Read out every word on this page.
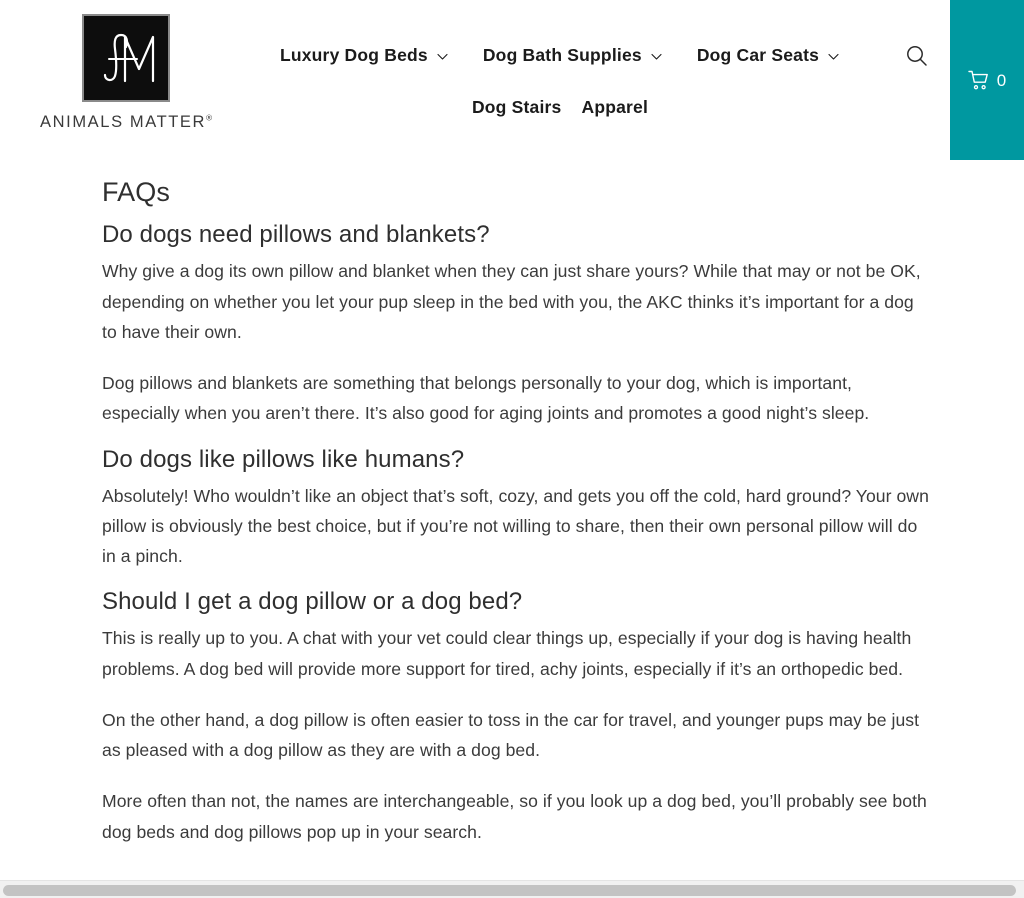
ANIMALS MATTER®
Luxury Dog Beds	Dog Bath Supplies	Dog Car Seats
Dog Stairs Apparel
0
FAQs
Do dogs need pillows and blankets?

Why give a dog its own pillow and blanket when they can just share yours? While that may or not be OK, depending on whether you let your pup sleep in the bed with you, the AKC thinks it’s important for a dog to have their own.

Dog pillows and blankets are something that belongs personally to your dog, which is important, especially when you aren’t there. It’s also good for aging joints and promotes a good night’s sleep.

Do dogs like pillows like humans?

Absolutely! Who wouldn’t like an object that’s soft, cozy, and gets you off the cold, hard ground? Your own pillow is obviously the best choice, but if you’re not willing to share, then their own personal pillow will do in a pinch.

Should I get a dog pillow or a dog bed?

This is really up to you. A chat with your vet could clear things up, especially if your dog is having health problems. A dog bed will provide more support for tired, achy joints, especially if it’s an orthopedic bed.

On the other hand, a dog pillow is often easier to toss in the car for travel, and younger pups may be just as pleased with a dog pillow as they are with a dog bed.

More often than not, the names are interchangeable, so if you look up a dog bed, you’ll probably see both dog beds and dog pillows pop up in your search.
